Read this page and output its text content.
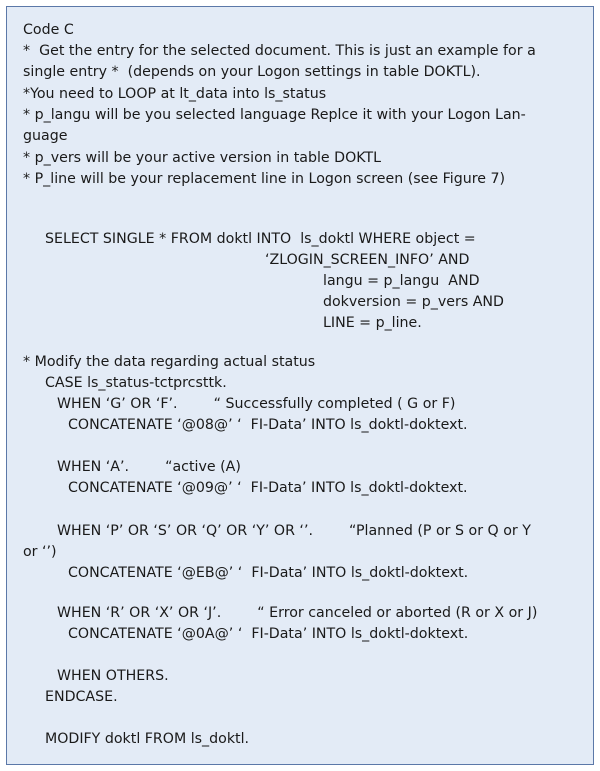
Code C
*  Get the entry for the selected document. This is just an example for a
single entry *  (depends on your Logon settings in table DOKTL).
*You need to LOOP at lt_data into ls_status
* p_langu will be you selected language Replce it with your Logon Lan-
guage
* p_vers will be your active version in table DOKTL
* P_line will be your replacement line in Logon screen (see Figure 7)
SELECT SINGLE * FROM doktl INTO  ls_doktl WHERE object =
‘ZLOGIN_SCREEN_INFO’ AND
langu = p_langu  AND
dokversion = p_vers AND
LINE = p_line.
* Modify the data regarding actual status
CASE ls_status-tctprcsttk.
WHEN ‘G’ OR ‘F’.        “ Successfully completed ( G or F)
CONCATENATE ‘@08@’ ‘  FI-Data’ INTO ls_doktl-doktext.
WHEN ‘A’.        “active (A)
CONCATENATE ‘@09@’ ‘  FI-Data’ INTO ls_doktl-doktext.
WHEN ‘P’ OR ‘S’ OR ‘Q’ OR ‘Y’ OR ‘’.        “Planned (P or S or Q or Y
or ‘’)
CONCATENATE ‘@EB@’ ‘  FI-Data’ INTO ls_doktl-doktext.
WHEN ‘R’ OR ‘X’ OR ‘J’.        “ Error canceled or aborted (R or X or J)
CONCATENATE ‘@0A@’ ‘  FI-Data’ INTO ls_doktl-doktext.
WHEN OTHERS.
ENDCASE.
MODIFY doktl FROM ls_doktl.
